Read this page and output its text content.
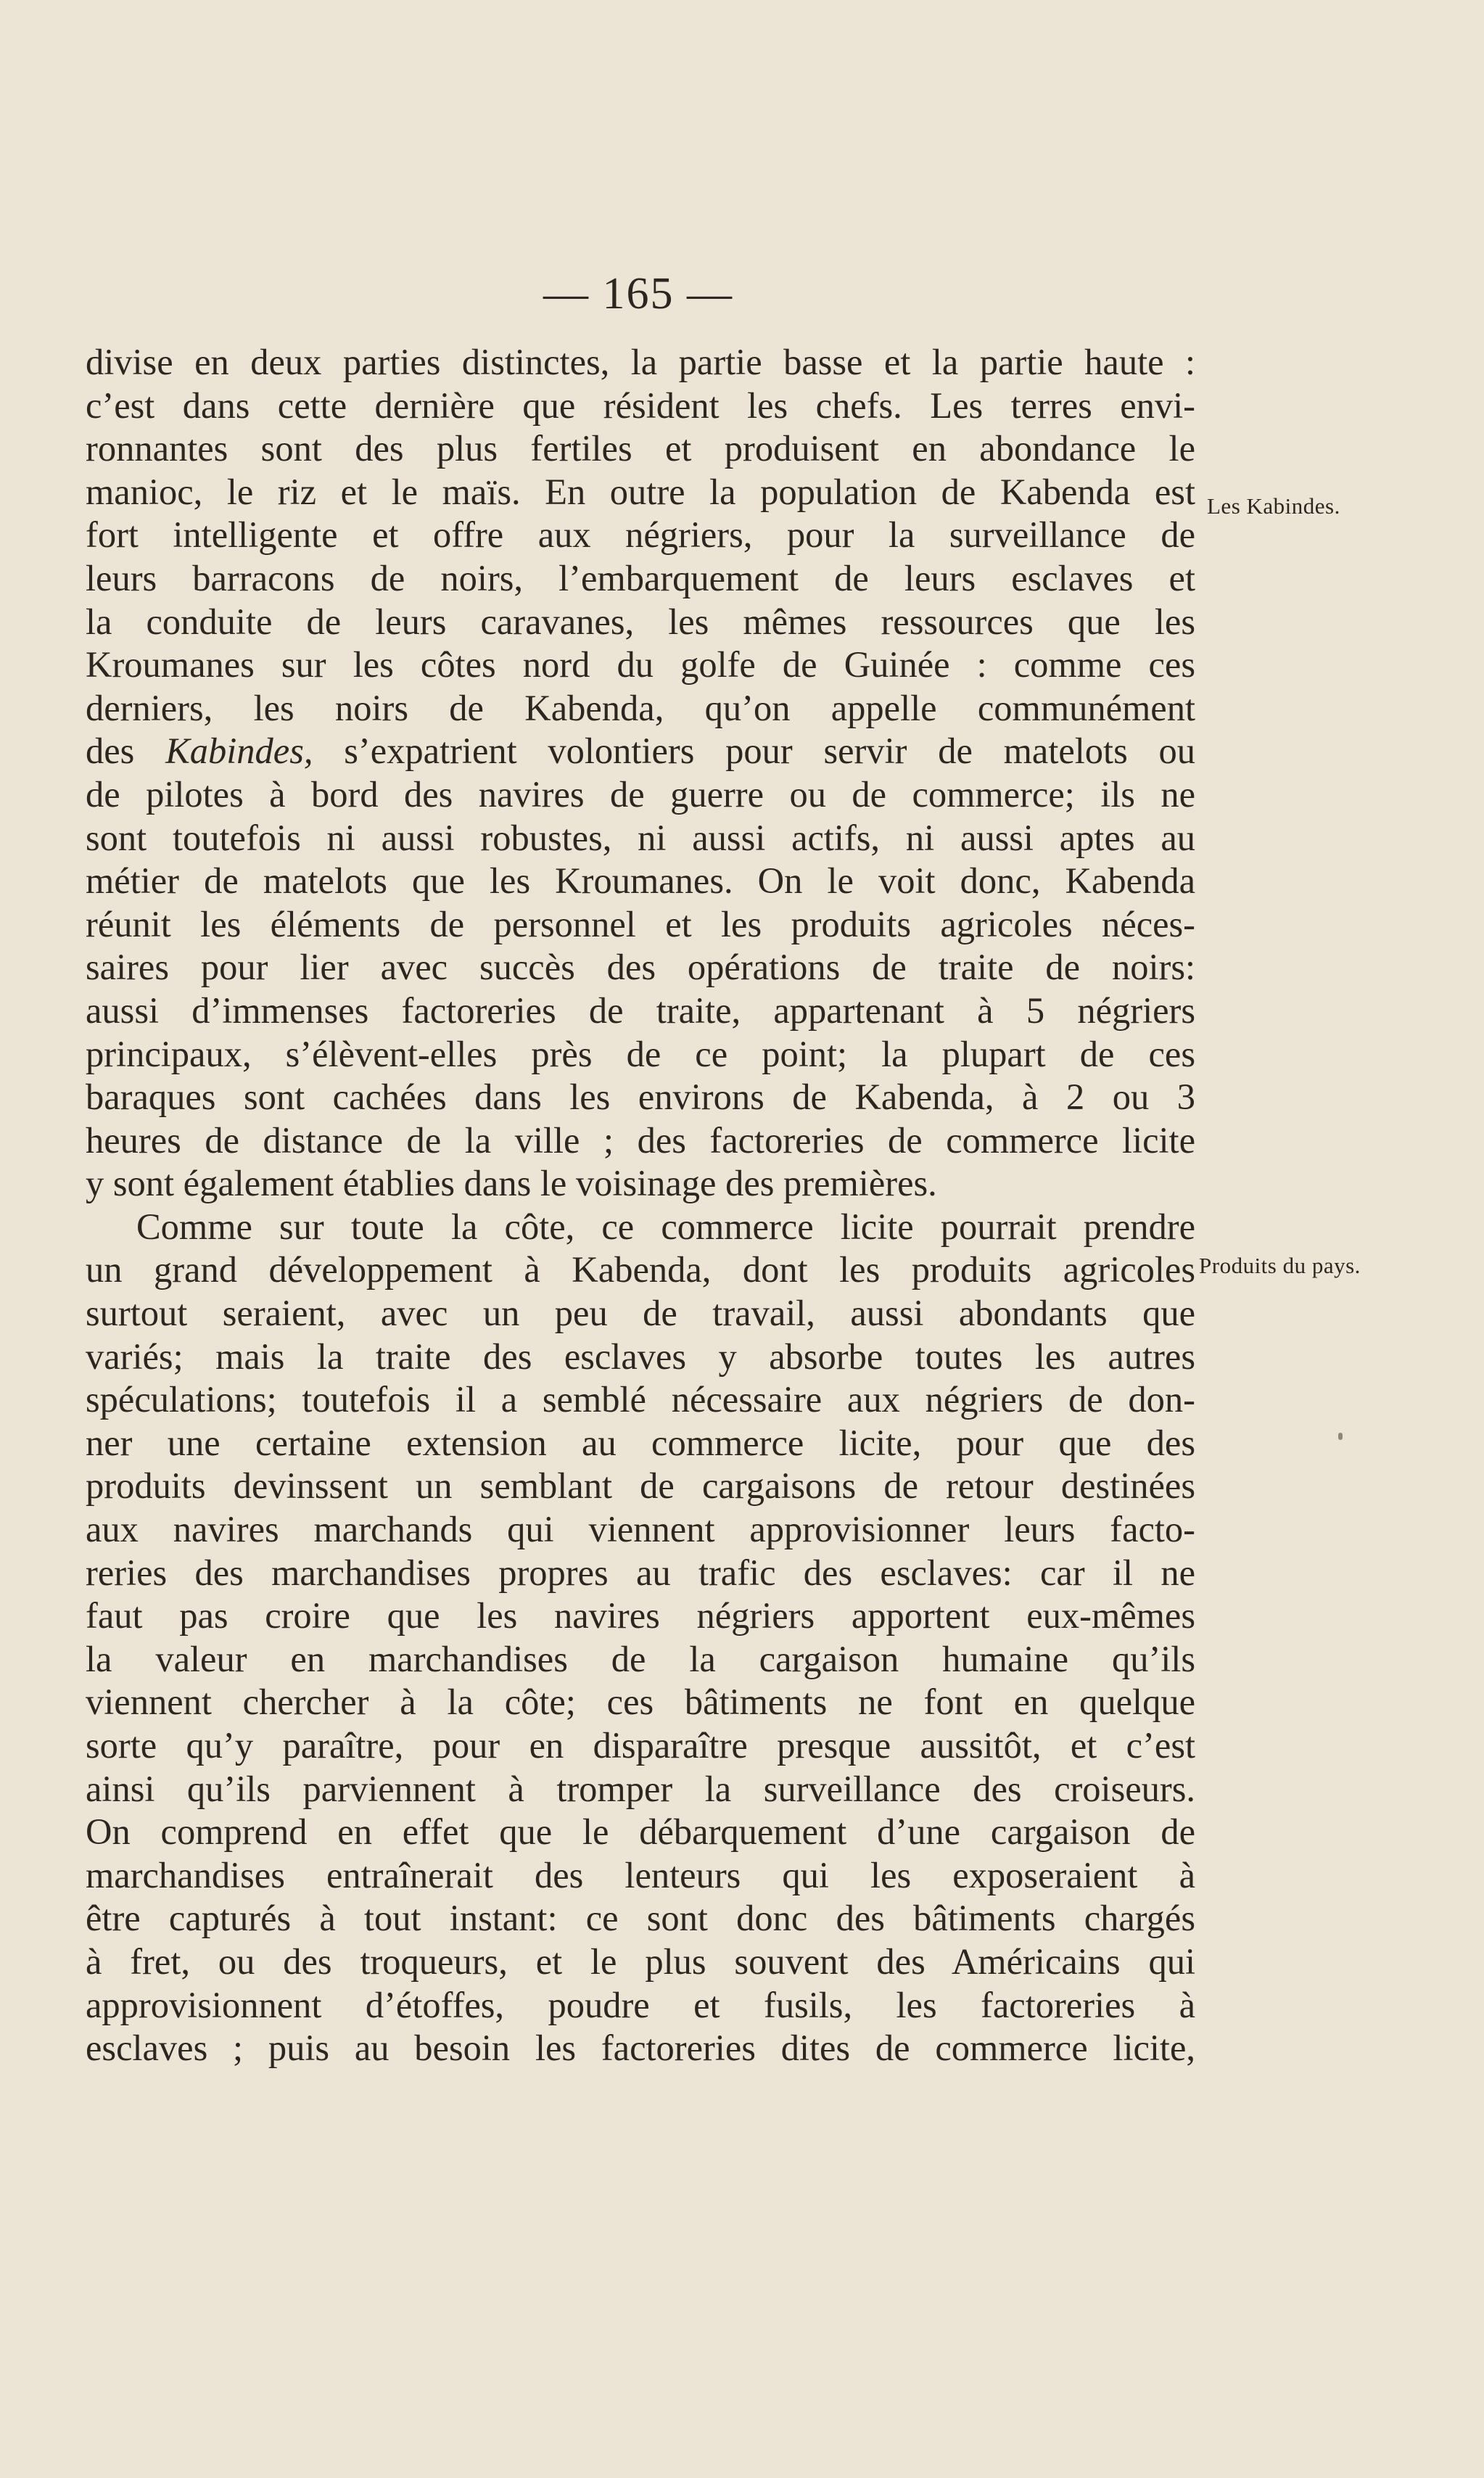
— 165 —
divise en deux parties distinctes, la partie basse et la partie haute :
c’est dans cette dernière que résident les chefs. Les terres envi-
ronnantes sont des plus fertiles et produisent en abondance le
manioc, le riz et le maïs. En outre la population de Kabenda est
fort intelligente et offre aux négriers, pour la surveillance de
leurs barracons de noirs, l’embarquement de leurs esclaves et
la conduite de leurs caravanes, les mêmes ressources que les
Kroumanes sur les côtes nord du golfe de Guinée : comme ces
derniers, les noirs de Kabenda, qu’on appelle communément
des Kabindes, s’expatrient volontiers pour servir de matelots ou
de pilotes à bord des navires de guerre ou de commerce; ils ne
sont toutefois ni aussi robustes, ni aussi actifs, ni aussi aptes au
métier de matelots que les Kroumanes. On le voit donc, Kabenda
réunit les éléments de personnel et les produits agricoles néces-
saires pour lier avec succès des opérations de traite de noirs:
aussi d’immenses factoreries de traite, appartenant à 5 négriers
principaux, s’élèvent-elles près de ce point; la plupart de ces
baraques sont cachées dans les environs de Kabenda, à 2 ou 3
heures de distance de la ville ; des factoreries de commerce licite
y sont également établies dans le voisinage des premières.
Comme sur toute la côte, ce commerce licite pourrait prendre
un grand développement à Kabenda, dont les produits agricoles
surtout seraient, avec un peu de travail, aussi abondants que
variés; mais la traite des esclaves y absorbe toutes les autres
spéculations; toutefois il a semblé nécessaire aux négriers de don-
ner une certaine extension au commerce licite, pour que des
produits devinssent un semblant de cargaisons de retour destinées
aux navires marchands qui viennent approvisionner leurs facto-
reries des marchandises propres au trafic des esclaves: car il ne
faut pas croire que les navires négriers apportent eux-mêmes
la valeur en marchandises de la cargaison humaine qu’ils
viennent chercher à la côte; ces bâtiments ne font en quelque
sorte qu’y paraître, pour en disparaître presque aussitôt, et c’est
ainsi qu’ils parviennent à tromper la surveillance des croiseurs.
On comprend en effet que le débarquement d’une cargaison de
marchandises entraînerait des lenteurs qui les exposeraient à
être capturés à tout instant: ce sont donc des bâtiments chargés
à fret, ou des troqueurs, et le plus souvent des Américains qui
approvisionnent d’étoffes, poudre et fusils, les factoreries à
esclaves ; puis au besoin les factoreries dites de commerce licite,
Les Kabindes.
Produits du pays.
